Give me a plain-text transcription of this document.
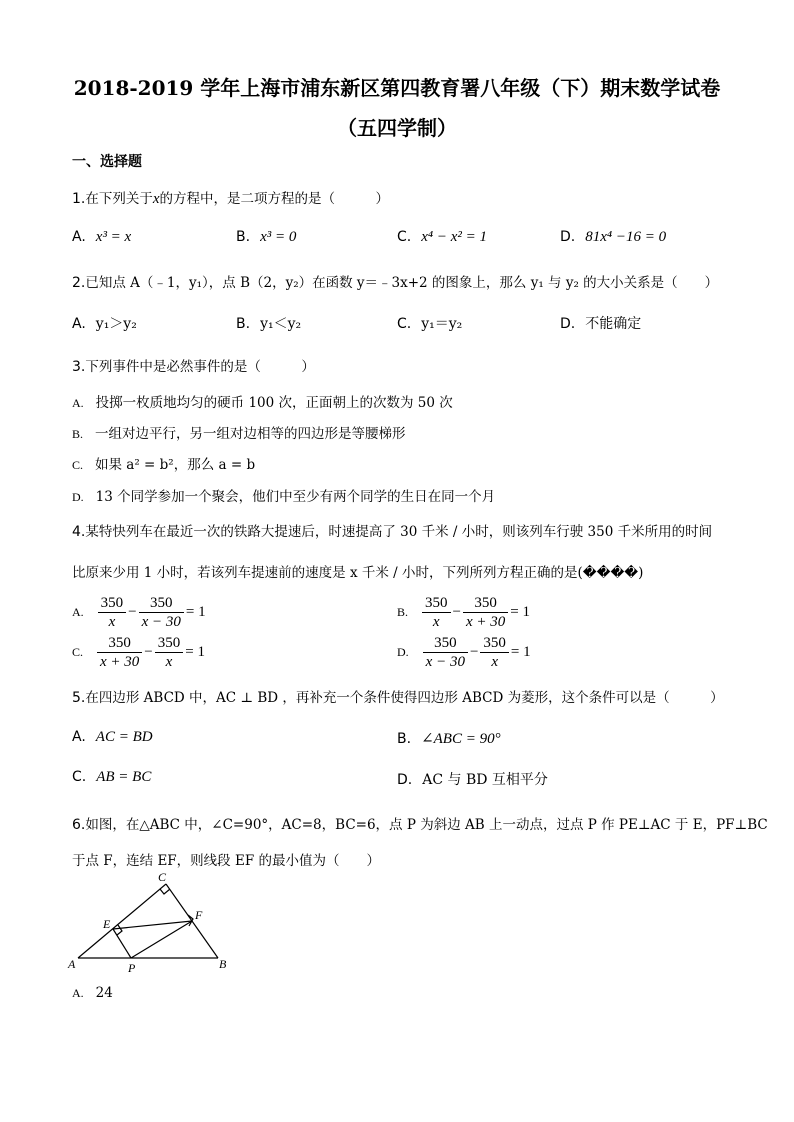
2018-2019 学年上海市浦东新区第四教育署八年级（下）期末数学试卷
（五四学制）
一、选择题
1.在下列关于x的方程中，是二项方程的是（　　　）
A. x³ = x	B. x³ = 0	C. x⁴ − x² = 1	D. 81x⁴ −16 = 0
2.已知点 A（﹣1，y₁），点 B（2，y₂）在函数 y＝﹣3x+2 的图象上，那么 y₁ 与 y₂ 的大小关系是（　　）
A. y₁＞y₂	B. y₁＜y₂	C. y₁＝y₂	D. 不能确定
3.下列事件中是必然事件的是（　　　）
A. 投掷一枚质地均匀的硬币 100 次，正面朝上的次数为 50 次
B. 一组对边平行，另一组对边相等的四边形是等腰梯形
C. 如果 a² = b²，那么 a = b
D. 13 个同学参加一个聚会，他们中至少有两个同学的生日在同一个月
4.某特快列车在最近一次的铁路大提速后，时速提高了 30 千米 / 小时，则该列车行驶 350 千米所用的时间
比原来少用 1 小时，若该列车提速前的速度是 x 千米 / 小时，下列所列方程正确的是(����)
A. $\frac{350}{x} - \frac{350}{x - 30} = 1$	B. $\frac{350}{x} - \frac{350}{x + 30} = 1$
C. $\frac{350}{x + 30} - \frac{350}{x} = 1$	D. $\frac{350}{x - 30} - \frac{350}{x} = 1$
5.在四边形 ABCD 中，AC ⊥ BD ，再补充一个条件使得四边形 ABCD 为菱形，这个条件可以是（　　　）
A. AC = BD	B. ∠ABC = 90°
C. AB = BC	D. AC 与 BD 互相平分
6.如图，在△ABC 中，∠C=90°，AC=8，BC=6，点 P 为斜边 AB 上一动点，过点 P 作 PE⊥AC 于 E，PF⊥BC
于点 F，连结 EF，则线段 EF 的最小值为（　　）
A	B
C
E
F
P
A. 24
